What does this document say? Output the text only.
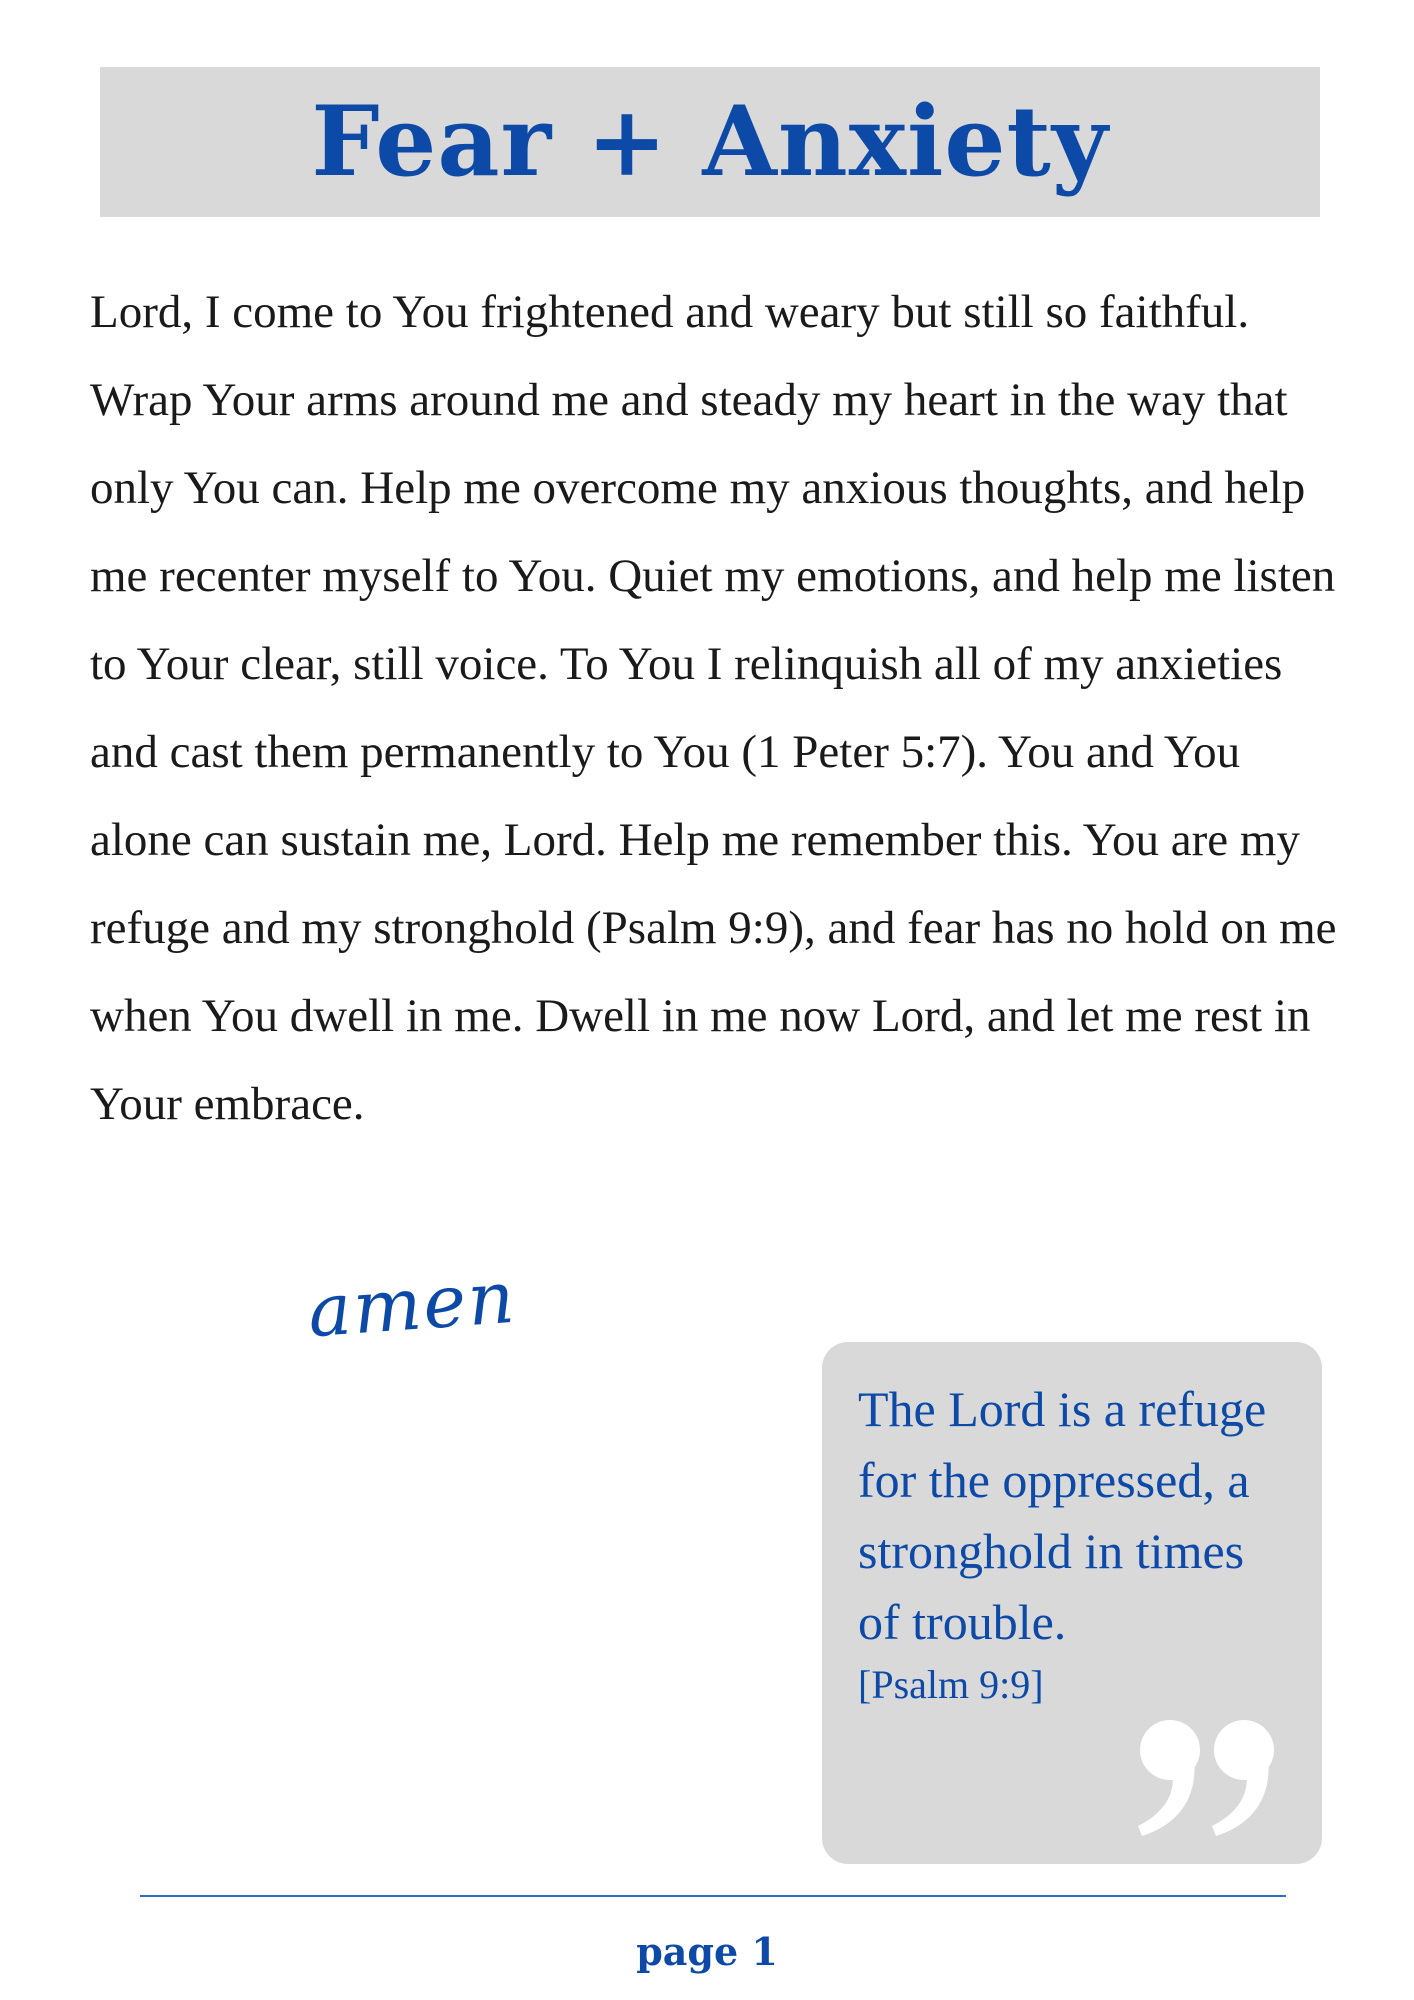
Fear + Anxiety

Lord, I come to You frightened and weary but still so faithful. Wrap Your arms around me and steady my heart in the way that only You can. Help me overcome my anxious thoughts, and help me recenter myself to You. Quiet my emotions, and help me listen to Your clear, still voice. To You I relinquish all of my anxieties and cast them permanently to You (1 Peter 5:7). You and You alone can sustain me, Lord. Help me remember this. You are my refuge and my stronghold (Psalm 9:9), and fear has no hold on me when You dwell in me. Dwell in me now Lord, and let me rest in Your embrace.

amen

The Lord is a refuge for the oppressed, a stronghold in times of trouble.

[Psalm 9:9]

page 1
